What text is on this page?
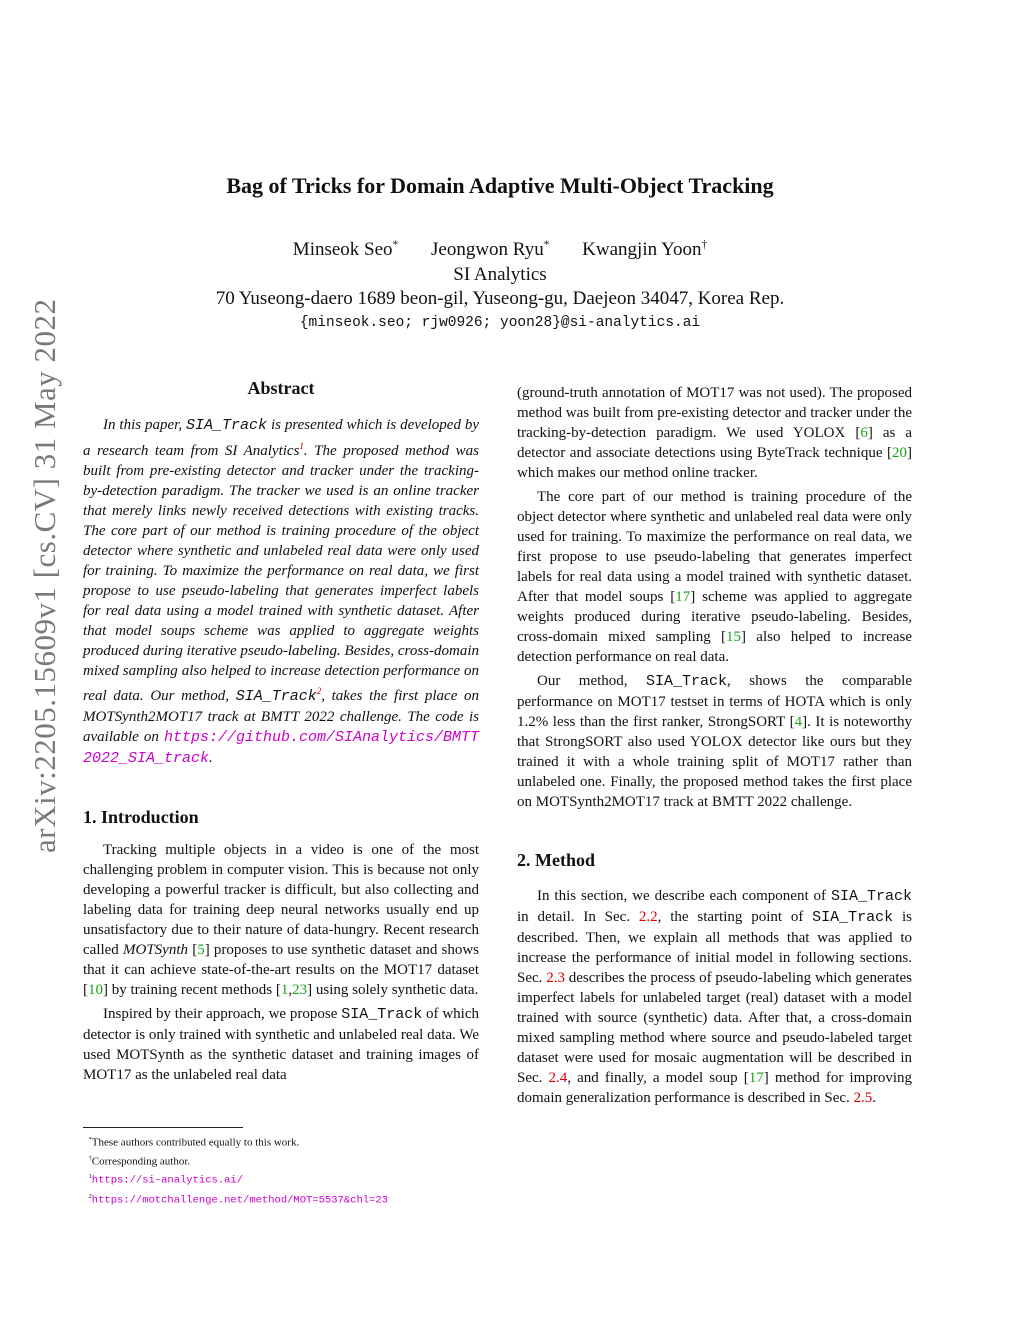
arXiv:2205.15609v1 [cs.CV] 31 May 2022
Bag of Tricks for Domain Adaptive Multi-Object Tracking
Minseok Seo* Jeongwon Ryu* Kwangjin Yoon†
SI Analytics
70 Yuseong-daero 1689 beon-gil, Yuseong-gu, Daejeon 34047, Korea Rep.
{minseok.seo; rjw0926; yoon28}@si-analytics.ai
Abstract

In this paper, SIA_Track is presented which is developed by a research team from SI Analytics$^1$. The proposed method was built from pre-existing detector and tracker under the tracking-by-detection paradigm. The tracker we used is an online tracker that merely links newly received detections with existing tracks. The core part of our method is training procedure of the object detector where synthetic and unlabeled real data were only used for training. To maximize the performance on real data, we first propose to use pseudo-labeling that generates imperfect labels for real data using a model trained with synthetic dataset. After that model soups scheme was applied to aggregate weights produced during iterative pseudo-labeling. Besides, cross-domain mixed sampling also helped to increase detection performance on real data. Our method, SIA_Track$^2$, takes the first place on MOTSynth2MOT17 track at BMTT 2022 challenge. The code is available on https://github.com/SIAnalytics/BMTT2022_SIA_track.

1. Introduction

Tracking multiple objects in a video is one of the most challenging problem in computer vision. This is because not only developing a powerful tracker is difficult, but also collecting and labeling data for training deep neural networks usually end up unsatisfactory due to their nature of data-hungry. Recent research called MOTSynth [5] proposes to use synthetic dataset and shows that it can achieve state-of-the-art results on the MOT17 dataset [10] by training recent methods [1,23] using solely synthetic data.

Inspired by their approach, we propose SIA_Track of which detector is only trained with synthetic and unlabeled real data. We used MOTSynth as the synthetic dataset and training images of MOT17 as the unlabeled real data

*These authors contributed equally to this work.
†Corresponding author.
$^1$https://si-analytics.ai/
$^2$https://motchallenge.net/method/MOT=5537&chl=23

(ground-truth annotation of MOT17 was not used). The proposed method was built from pre-existing detector and tracker under the tracking-by-detection paradigm. We used YOLOX [6] as a detector and associate detections using ByteTrack technique [20] which makes our method online tracker.

The core part of our method is training procedure of the object detector where synthetic and unlabeled real data were only used for training. To maximize the performance on real data, we first propose to use pseudo-labeling that generates imperfect labels for real data using a model trained with synthetic dataset. After that model soups [17] scheme was applied to aggregate weights produced during iterative pseudo-labeling. Besides, cross-domain mixed sampling [15] also helped to increase detection performance on real data.

Our method, SIA_Track, shows the comparable performance on MOT17 testset in terms of HOTA which is only 1.2% less than the first ranker, StrongSORT [4]. It is noteworthy that StrongSORT also used YOLOX detector like ours but they trained it with a whole training split of MOT17 rather than unlabeled one. Finally, the proposed method takes the first place on MOTSynth2MOT17 track at BMTT 2022 challenge.

2. Method

In this section, we describe each component of SIA_Track in detail. In Sec. 2.2, the starting point of SIA_Track is described. Then, we explain all methods that was applied to increase the performance of initial model in following sections. Sec. 2.3 describes the process of pseudo-labeling which generates imperfect labels for unlabeled target (real) dataset with a model trained with source (synthetic) data. After that, a cross-domain mixed sampling method where source and pseudo-labeled target dataset were used for mosaic augmentation will be described in Sec. 2.4, and finally, a model soup [17] method for improving domain generalization performance is described in Sec. 2.5.
